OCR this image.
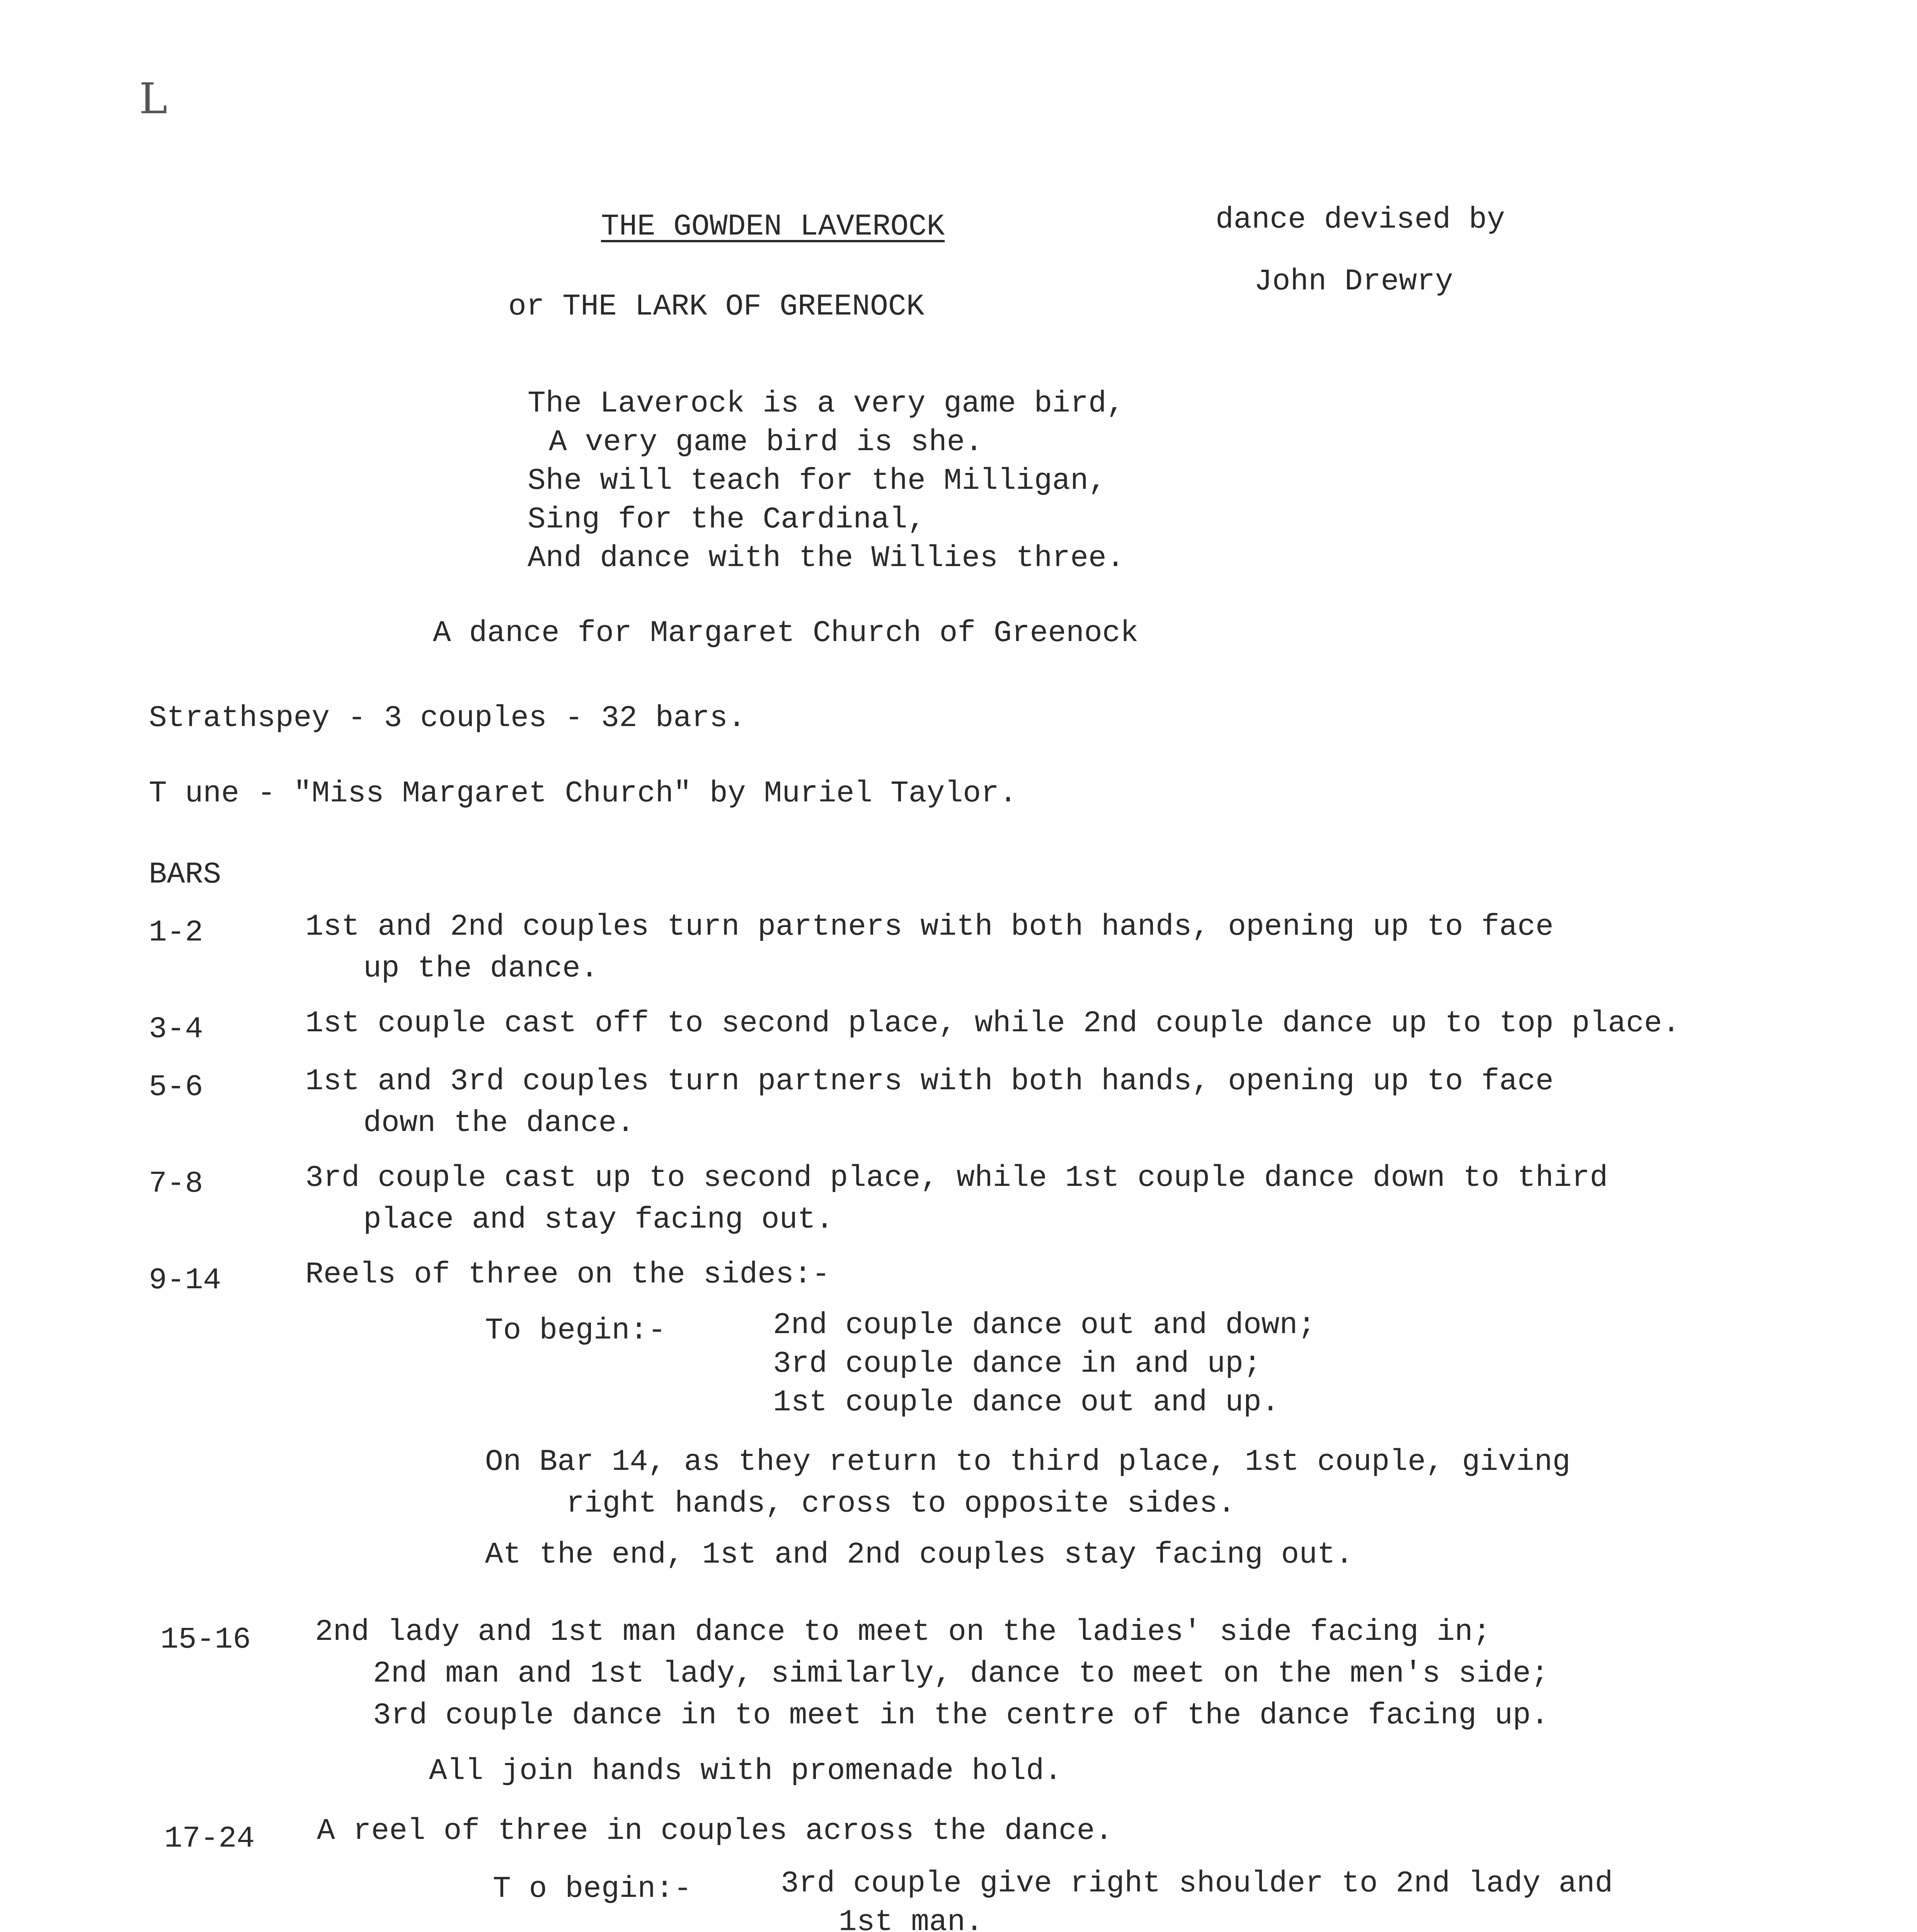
L
THE GOWDEN LAVEROCK
or THE LARK OF GREENOCK
dance devised by
John Drewry
The Laverock is a very game bird,
A very game bird is she.
She will teach for the Milligan,
Sing for the Cardinal,
And dance with the Willies three.
A dance for Margaret Church of Greenock
Strathspey - 3 couples - 32 bars.
T une - "Miss Margaret Church" by Muriel Taylor.
BARS
1-2	1st and 2nd couples turn partners with both hands, opening up to face
up the dance.
3-4	1st couple cast off to second place, while 2nd couple dance up to top place.
5-6	1st and 3rd couples turn partners with both hands, opening up to face
down the dance.
7-8	3rd couple cast up to second place, while 1st couple dance down to third
place and stay facing out.
9-14	Reels of three on the sides:-
To begin:-	2nd couple dance out and down;
3rd couple dance in and up;
1st couple dance out and up.
On Bar 14, as they return to third place, 1st couple, giving
right hands, cross to opposite sides.
At the end, 1st and 2nd couples stay facing out.
15-16 2nd lady and 1st man dance to meet on the ladies' side facing in;
2nd man and 1st lady, similarly, dance to meet on the men's side;
3rd couple dance in to meet in the centre of the dance facing up.
All join hands with promenade hold.
17-24 A reel of three in couples across the dance.
T o begin:-	3rd couple give right shoulder to 2nd lady and
1st man.
